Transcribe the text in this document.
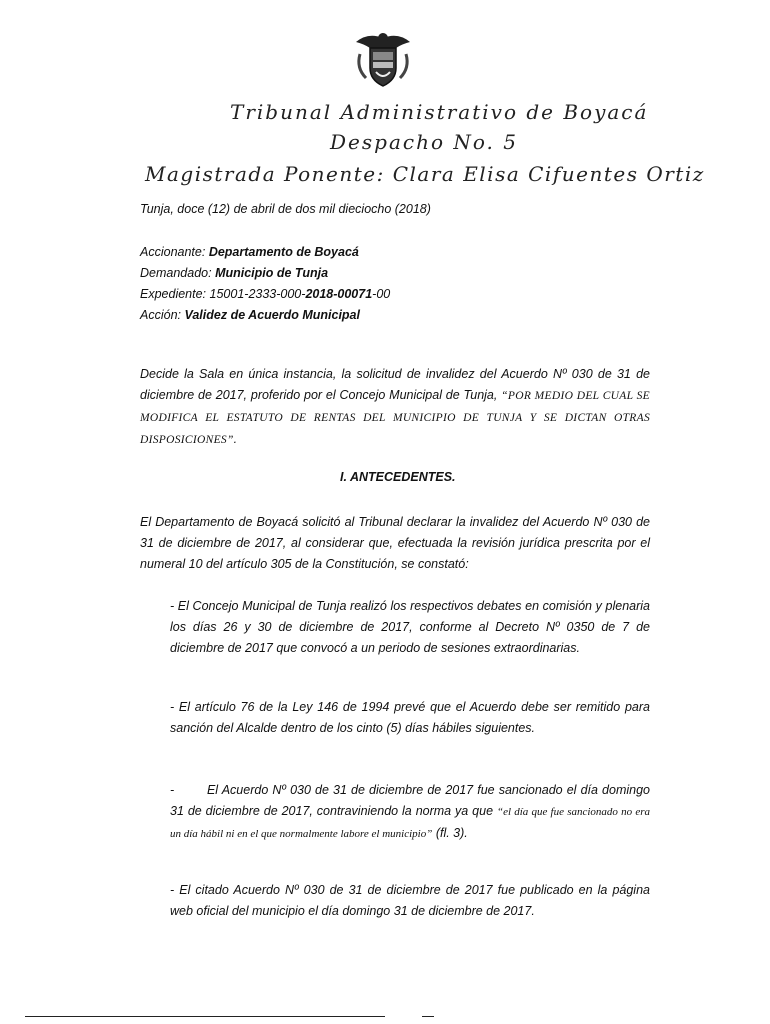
Tribunal Administrativo de Boyacá
Despacho No. 5
Magistrada Ponente: Clara Elisa Cifuentes Ortiz
Tunja, doce (12) de abril de dos mil dieciocho (2018)
Accionante: Departamento de Boyacá
Demandado: Municipio de Tunja
Expediente: 15001-2333-000-2018-00071-00
Acción: Validez de Acuerdo Municipal
Decide la Sala en única instancia, la solicitud de invalidez del Acuerdo Nº 030 de 31 de diciembre de 2017, proferido por el Concejo Municipal de Tunja, “POR MEDIO DEL CUAL SE MODIFICA EL ESTATUTO DE RENTAS DEL MUNICIPIO DE TUNJA Y SE DICTAN OTRAS DISPOSICIONES”.
I. ANTECEDENTES.
El Departamento de Boyacá solicitó al Tribunal declarar la invalidez del Acuerdo Nº 030 de 31 de diciembre de 2017, al considerar que, efectuada la revisión jurídica prescrita por el numeral 10 del artículo 305 de la Constitución, se constató:
- El Concejo Municipal de Tunja realizó los respectivos debates en comisión y plenaria los días 26 y 30 de diciembre de 2017, conforme al Decreto Nº 0350 de 7 de diciembre de 2017 que convocó a un periodo de sesiones extraordinarias.
- El artículo 76 de la Ley 146 de 1994 prevé que el Acuerdo debe ser remitido para sanción del Alcalde dentro de los cinto (5) días hábiles siguientes.
-	El Acuerdo Nº 030 de 31 de diciembre de 2017 fue sancionado el día domingo 31 de diciembre de 2017, contraviniendo la norma ya que “el día que fue sancionado no era un día hábil ni en el que normalmente labore el municipio” (fl. 3).
- El citado Acuerdo Nº 030 de 31 de diciembre de 2017 fue publicado en la página web oficial del municipio el día domingo 31 de diciembre de 2017.
